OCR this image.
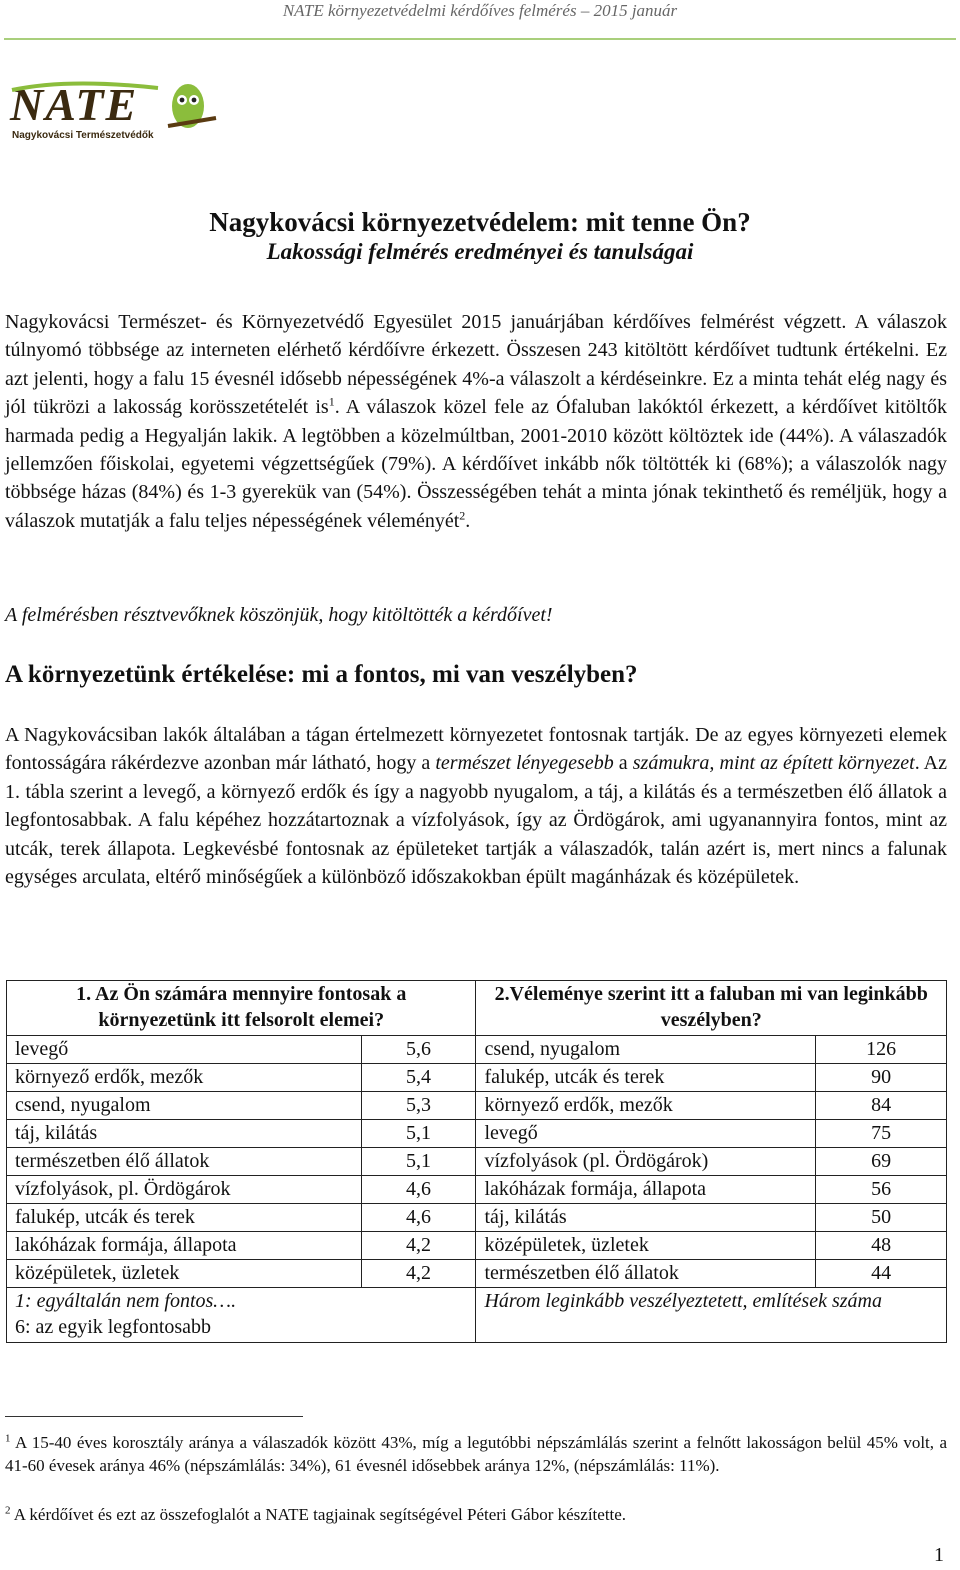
NATE környezetvédelmi kérdőíves felmérés – 2015 január
NATE
Nagykovácsi Természetvédők
Nagykovácsi környezetvédelem: mit tenne Ön?
Lakossági felmérés eredményei és tanulságai
Nagykovácsi Természet- és Környezetvédő Egyesület 2015 januárjában kérdőíves felmérést végzett. A válaszok túlnyomó többsége az interneten elérhető kérdőívre érkezett. Összesen 243 kitöltött kérdőívet tudtunk értékelni. Ez azt jelenti, hogy a falu 15 évesnél idősebb népességének 4%-a válaszolt a kérdéseinkre. Ez a minta tehát elég nagy és jól tükrözi a lakosság korösszetételét $is^1$. A válaszok közel fele az Ófaluban lakóktól érkezett, a kérdőívet kitöltők harmada pedig a Hegyalján lakik. A legtöbben a közelmúltban, 2001-2010 között költöztek ide (44%). A válaszadók jellemzően főiskolai, egyetemi végzettségűek (79%). A kérdőívet inkább nők töltötték ki (68%); a válaszolók nagy többsége házas (84%) és 1-3 gyerekük van (54%). Összességében tehát a minta jónak tekinthető és reméljük, hogy a válaszok mutatják a falu teljes népességének véleményét$^2$.
A felmérésben résztvevőknek köszönjük, hogy kitöltötték a kérdőívet!
A környezetünk értékelése: mi a fontos, mi van veszélyben?
A Nagykovácsiban lakók általában a tágan értelmezett környezetet fontosnak tartják. De az egyes környezeti elemek fontosságára rákérdezve azonban már látható, hogy a természet lényegesebb a számukra, mint az épített környezet. Az 1. tábla szerint a levegő, a környező erdők és így a nagyobb nyugalom, a táj, a kilátás és a természetben élő állatok a legfontosabbak. A falu képéhez hozzátartoznak a vízfolyások, így az Ördögárok, ami ugyanannyira fontos, mint az utcák, terek állapota. Legkevésbé fontosnak az épületeket tartják a válaszadók, talán azért is, mert nincs a falunak egységes arculata, eltérő minőségűek a különböző időszakokban épült magánházak és középületek.
1. Az Ön számára mennyire fontosak a környezetünk itt felsorolt elemei?		2.Véleménye szerint itt a faluban mi van leginkább veszélyben?	
levegő	5,6	csend, nyugalom	126
környező erdők, mezők	5,4	falukép, utcák és terek	90
csend, nyugalom	5,3	környező erdők, mezők	84
táj, kilátás	5,1	levegő	75
természetben élő állatok	5,1	vízfolyások (pl. Ördögárok)	69
vízfolyások, pl. Ördögárok	4,6	lakóházak formája, állapota	56
falukép, utcák és terek	4,6	táj, kilátás	50
lakóházak formája, állapota	4,2	középületek, üzletek	48
középületek, üzletek	4,2	természetben élő állatok	44

1: egyáltalán nem fontos….
6: az egyik legfontosabb		Három leginkább veszélyeztetett, említések száma	
$^1$ A 15-40 éves korosztály aránya a válaszadók között 43%, míg a legutóbbi népszámlálás szerint a felnőtt lakosságon belül 45% volt, a 41-60 évesek aránya 46% (népszámlálás: 34%), 61 évesnél idősebbek aránya 12%, (népszámlálás: 11%).
$^2$ A kérdőívet és ezt az összefoglalót a NATE tagjainak segítségével Péteri Gábor készítette.
1
